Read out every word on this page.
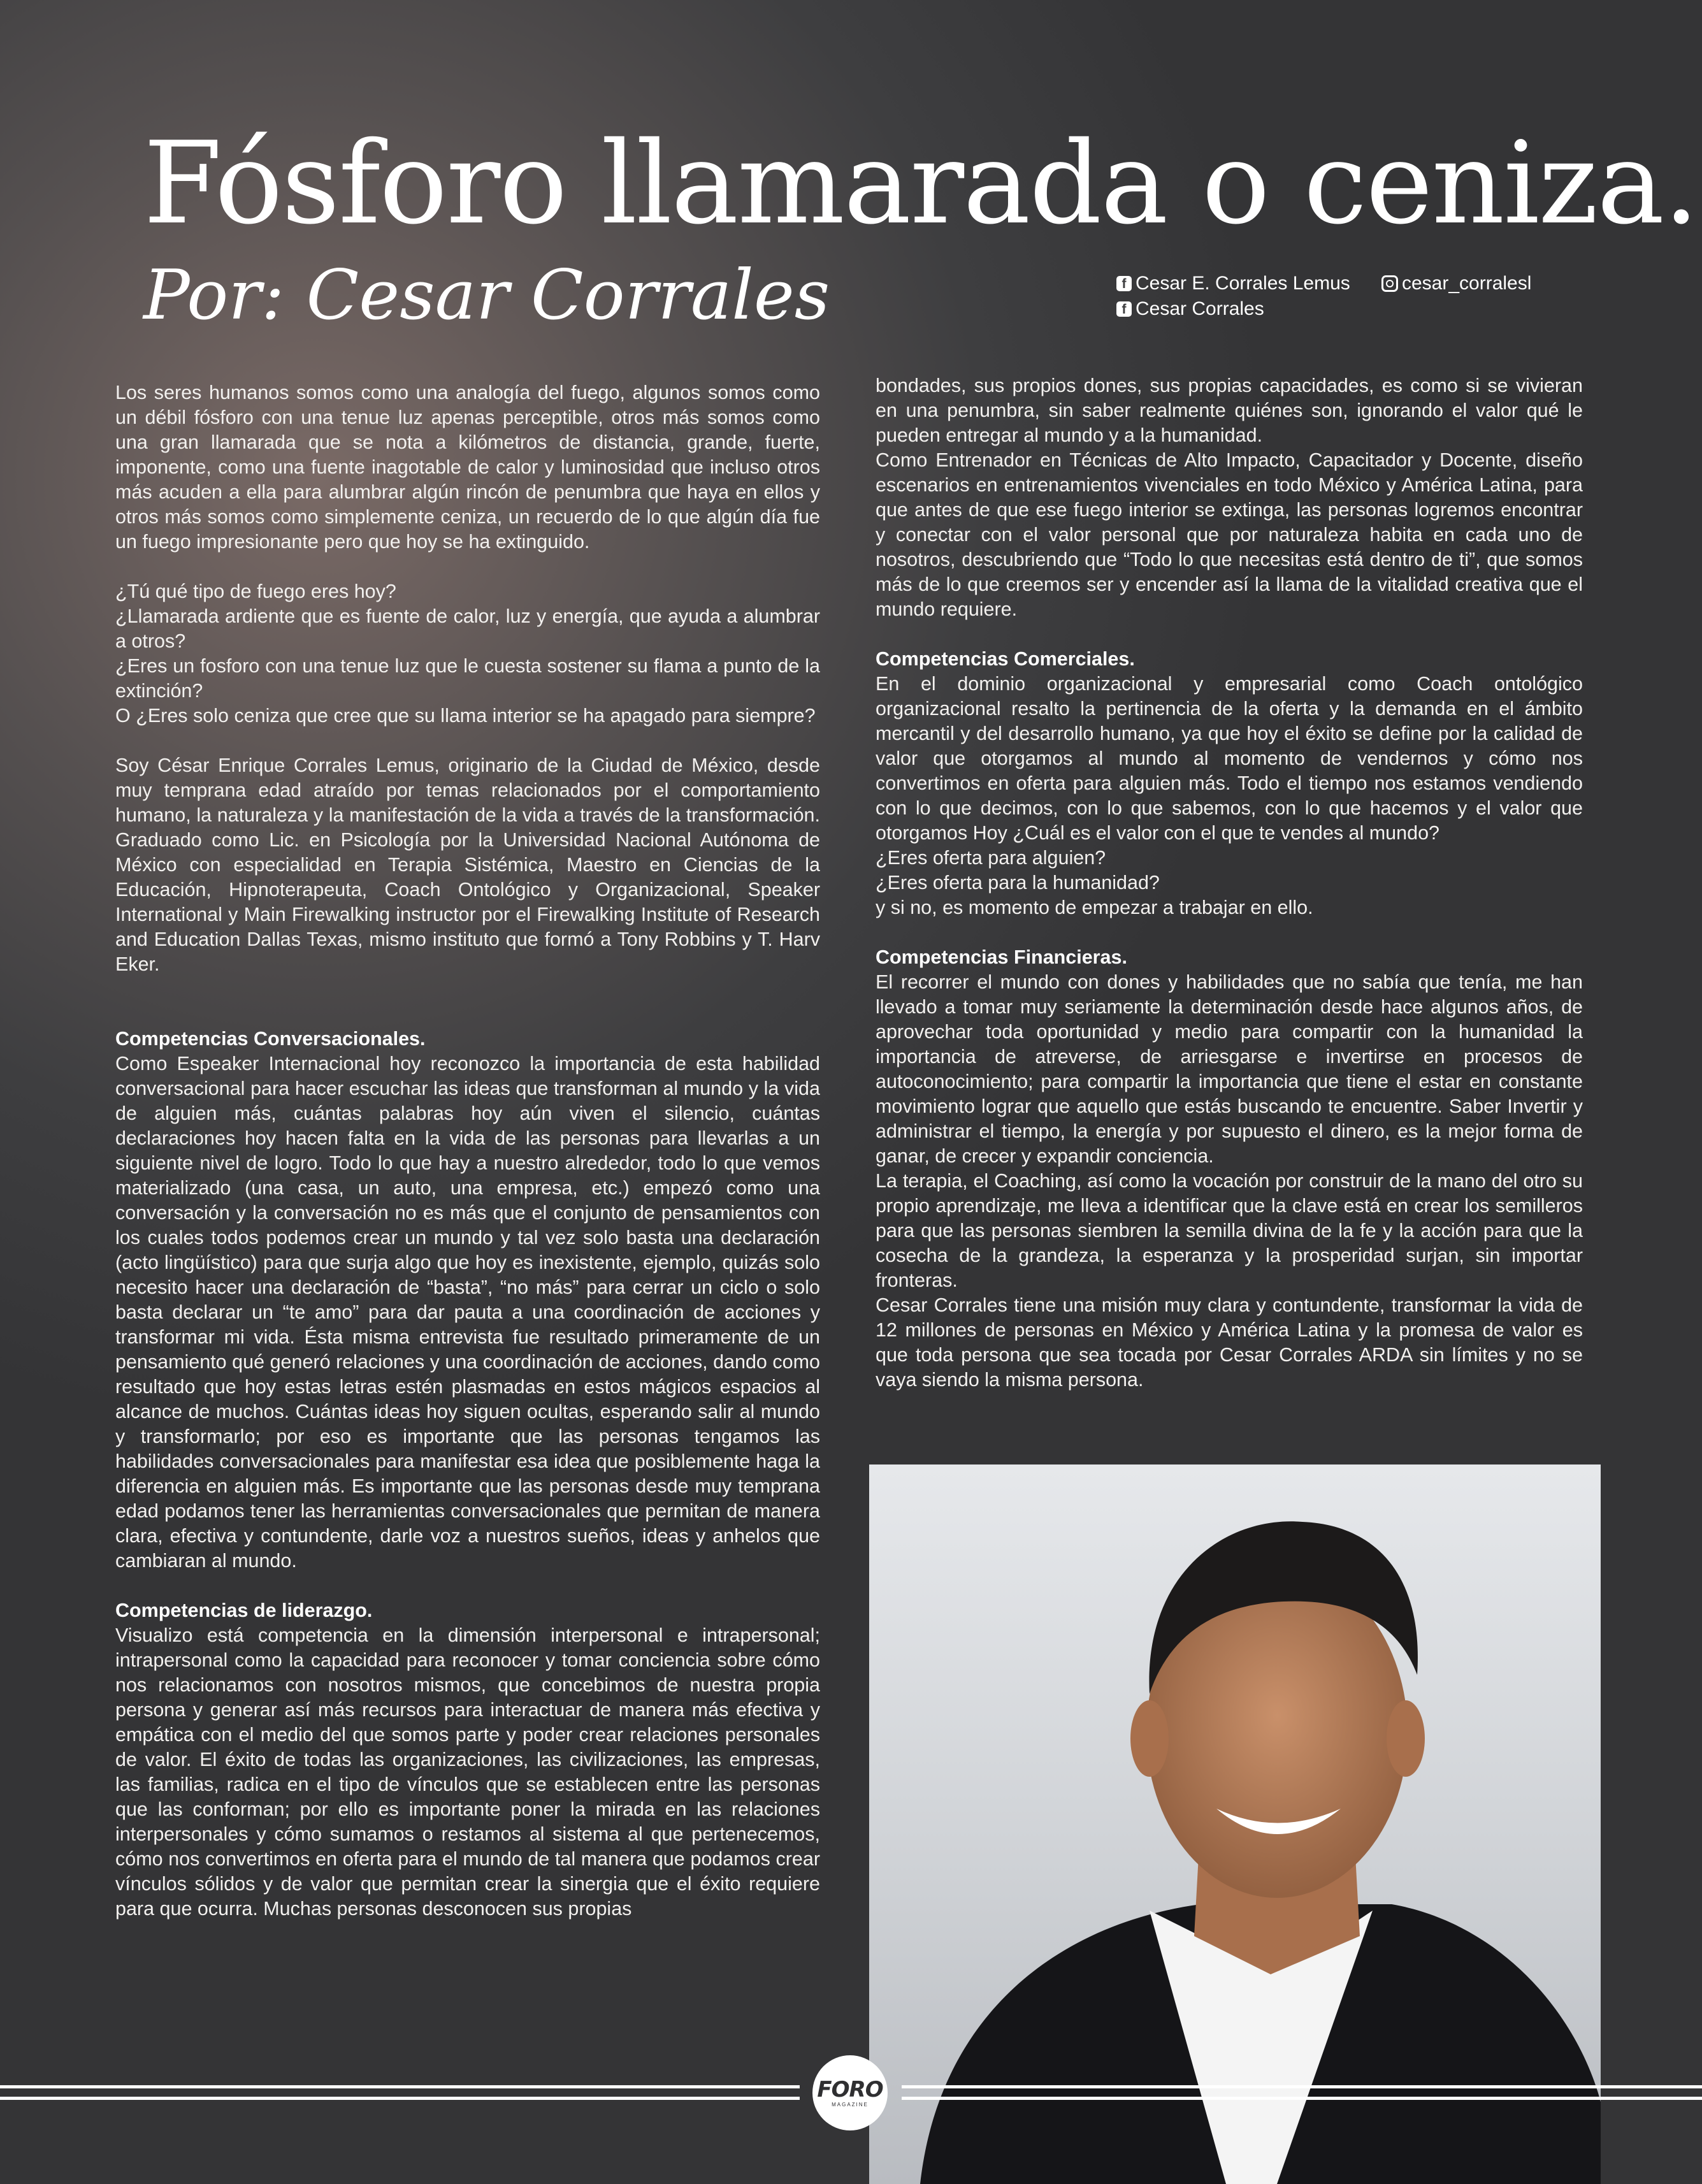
Fósforo llamarada o ceniza.
Por: Cesar Corrales	f Cesar E. Corrales Lemus
f Cesar Corrales
cesar_corralesl

Los seres humanos somos como una analogía del fuego, algunos somos como un débil fósforo con una tenue luz apenas perceptible, otros más somos como una gran llamarada que se nota a kilómetros de distancia, grande, fuerte, imponente, como una fuente inagotable de calor y luminosidad que incluso otros más acuden a ella para alumbrar algún rincón de penumbra que haya en ellos y otros más somos como simplemente ceniza, un recuerdo de lo que algún día fue un fuego impresionante pero que hoy se ha extinguido.

¿Tú qué tipo de fuego eres hoy?

¿Llamarada ardiente que es fuente de calor, luz y energía, que ayuda a alumbrar a otros?

¿Eres un fosforo con una tenue luz que le cuesta sostener su flama a punto de la extinción?

O ¿Eres solo ceniza que cree que su llama interior se ha apagado para siempre?

Soy César Enrique Corrales Lemus, originario de la Ciudad de México, desde muy temprana edad atraído por temas relacionados por el comportamiento humano, la naturaleza y la manifestación de la vida a través de la transformación. Graduado como Lic. en Psicología por la Universidad Nacional Autónoma de México con especialidad en Terapia Sistémica, Maestro en Ciencias de la Educación, Hipnoterapeuta, Coach Ontológico y Organizacional, Speaker International y Main Firewalking instructor por el Firewalking Institute of Research and Education Dallas Texas, mismo instituto que formó a Tony Robbins y T. Harv Eker.

Competencias Conversacionales.

Como Espeaker Internacional hoy reconozco la importancia de esta habilidad conversacional para hacer escuchar las ideas que transforman al mundo y la vida de alguien más, cuántas palabras hoy aún viven el silencio, cuántas declaraciones hoy hacen falta en la vida de las personas para llevarlas a un siguiente nivel de logro. Todo lo que hay a nuestro alrededor, todo lo que vemos materializado (una casa, un auto, una empresa, etc.) empezó como una conversación y la conversación no es más que el conjunto de pensamientos con los cuales todos podemos crear un mundo y tal vez solo basta una declaración (acto lingüístico) para que surja algo que hoy es inexistente, ejemplo, quizás solo necesito hacer una declaración de “basta”, “no más” para cerrar un ciclo o solo basta declarar un “te amo” para dar pauta a una coordinación de acciones y transformar mi vida. Ésta misma entrevista fue resultado primeramente de un pensamiento qué generó relaciones y una coordinación de acciones, dando como resultado que hoy estas letras estén plasmadas en estos mágicos espacios al alcance de muchos. Cuántas ideas hoy siguen ocultas, esperando salir al mundo y transformarlo; por eso es importante que las personas tengamos las habilidades conversacionales para manifestar esa idea que posiblemente haga la diferencia en alguien más. Es importante que las personas desde muy temprana edad podamos tener las herramientas conversacionales que permitan de manera clara, efectiva y contundente, darle voz a nuestros sueños, ideas y anhelos que cambiaran al mundo.

Competencias de liderazgo.

Visualizo está competencia en la dimensión interpersonal e intrapersonal; intrapersonal como la capacidad para reconocer y tomar conciencia sobre cómo nos relacionamos con nosotros mismos, que concebimos de nuestra propia persona y generar así más recursos para interactuar de manera más efectiva y empática con el medio del que somos parte y poder crear relaciones personales de valor. El éxito de todas las organizaciones, las civilizaciones, las empresas, las familias, radica en el tipo de vínculos que se establecen entre las personas que las conforman; por ello es importante poner la mirada en las relaciones interpersonales y cómo sumamos o restamos al sistema al que pertenecemos, cómo nos convertimos en oferta para el mundo de tal manera que podamos crear vínculos sólidos y de valor que permitan crear la sinergia que el éxito requiere para que ocurra. Muchas personas desconocen sus propias

bondades, sus propios dones, sus propias capacidades, es como si se vivieran en una penumbra, sin saber realmente quiénes son, ignorando el valor qué le pueden entregar al mundo y a la humanidad.

Como Entrenador en Técnicas de Alto Impacto, Capacitador y Docente, diseño escenarios en entrenamientos vivenciales en todo México y América Latina, para que antes de que ese fuego interior se extinga, las personas logremos encontrar y conectar con el valor personal que por naturaleza habita en cada uno de nosotros, descubriendo que “Todo lo que necesitas está dentro de ti”, que somos más de lo que creemos ser y encender así la llama de la vitalidad creativa que el mundo requiere.

Competencias Comerciales.

En el dominio organizacional y empresarial como Coach ontológico organizacional resalto la pertinencia de la oferta y la demanda en el ámbito mercantil y del desarrollo humano, ya que hoy el éxito se define por la calidad de valor que otorgamos al mundo al momento de vendernos y cómo nos convertimos en oferta para alguien más. Todo el tiempo nos estamos vendiendo con lo que decimos, con lo que sabemos, con lo que hacemos y el valor que otorgamos Hoy ¿Cuál es el valor con el que te vendes al mundo?

¿Eres oferta para alguien?

¿Eres oferta para la humanidad?

y si no, es momento de empezar a trabajar en ello.

Competencias Financieras.

El recorrer el mundo con dones y habilidades que no sabía que tenía, me han llevado a tomar muy seriamente la determinación desde hace algunos años, de aprovechar toda oportunidad y medio para compartir con la humanidad la importancia de atreverse, de arriesgarse e invertirse en procesos de autoconocimiento; para compartir la importancia que tiene el estar en constante movimiento lograr que aquello que estás buscando te encuentre. Saber Invertir y administrar el tiempo, la energía y por supuesto el dinero, es la mejor forma de ganar, de crecer y expandir conciencia.

La terapia, el Coaching, así como la vocación por construir de la mano del otro su propio aprendizaje, me lleva a identificar que la clave está en crear los semilleros para que las personas siembren la semilla divina de la fe y la acción para que la cosecha de la grandeza, la esperanza y la prosperidad surjan, sin importar fronteras.

Cesar Corrales tiene una misión muy clara y contundente, transformar la vida de 12 millones de personas en México y América Latina y la promesa de valor es que toda persona que sea tocada por Cesar Corrales ARDA sin límites y no se vaya siendo la misma persona.

FORO
MAGAZINE
